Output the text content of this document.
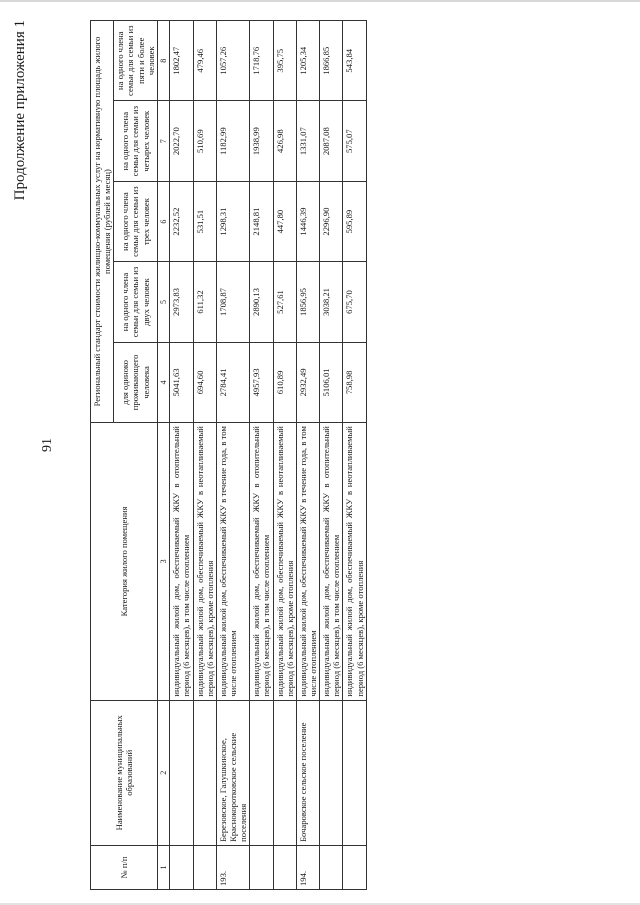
91
Продолжение приложения 1
№ п/п	Наименование муниципальных образований	Категория жилого помещения	Региональный стандарт стоимости жилищно-коммунальных услуг на нормативную площадь жилого помещения (рублей в месяц)				
			для одиноко проживающего человека	на одного члена семьи для семьи из двух человек	на одного члена семьи для семьи из трех человек	на одного члена семьи для семьи из четырех человек	на одного члена семьи для семьи из пяти и более человек
1	2	3	4	5	6	7	8
		индивидуальный жилой дом, обеспечиваемый ЖКУ в отопительный период (6 месяцев), в том числе отоплением	5041,63	2973,83	2232,52	2022,70	1802,47
		индивидуальный жилой дом, обеспечиваемый ЖКУ в неотапливаемый период (6 месяцев), кроме отопления	694,60	611,32	531,51	510,69	479,46
193.	Березовское, Галушкинское, Краснокоротковское сельские поселения	индивидуальный жилой дом, обеспечиваемый ЖКУ в течение года, в том числе отоплением	2784,41	1708,87	1298,31	1182,99	1057,26
		индивидуальный жилой дом, обеспечиваемый ЖКУ в отопительный период (6 месяцев), в том числе отоплением	4957,93	2890,13	2148,81	1938,99	1718,76
		индивидуальный жилой дом, обеспечиваемый ЖКУ в неотапливаемый период (6 месяцев), кроме отопления	610,89	527,61	447,80	426,98	395,75
194.	Бочаровское сельское поселение	индивидуальный жилой дом, обеспечиваемый ЖКУ в течение года, в том числе отоплением	2932,49	1856,95	1446,39	1331,07	1205,34
		индивидуальный жилой дом, обеспечиваемый ЖКУ в отопительный период (6 месяцев), в том числе отоплением	5106,01	3038,21	2296,90	2087,08	1866,85
		индивидуальный жилой дом, обеспечиваемый ЖКУ в неотапливаемый период (6 месяцев), кроме отопления	758,98	675,70	595,89	575,07	543,84
